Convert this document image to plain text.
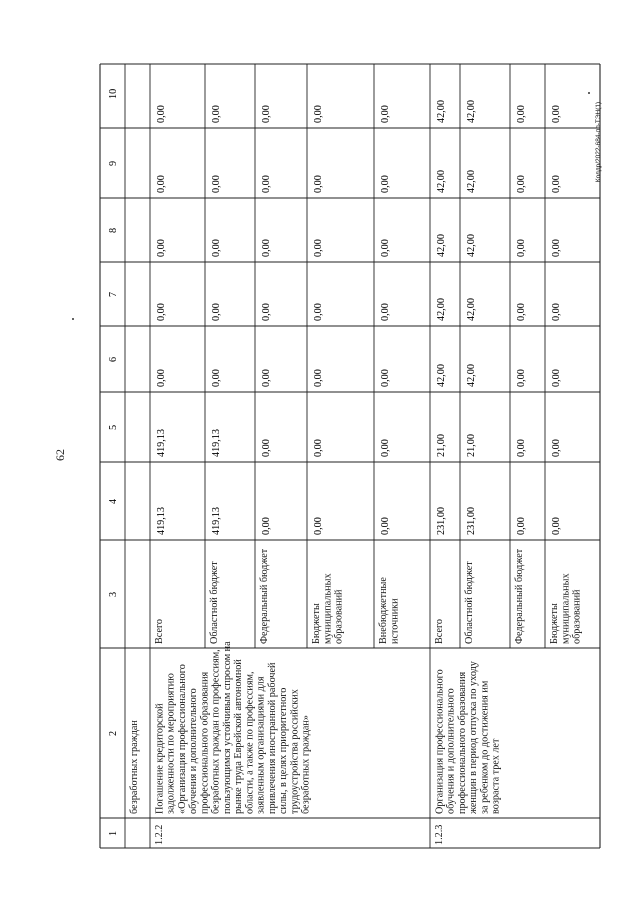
62
Колдр/2022-684-пп-ТЭН(1)
1
2
3
4
5
6
7
8
9
10
безработных граждан
1.2.2
Погашение кредиторскойзадолженности по мероприятию«Организация профессиональногообучения и дополнительногопрофессионального образованиябезработных граждан по профессиям,пользующимся устойчивым спросом нарынке труда Еврейской автономнойобласти, а также по профессиям,заявленным организациями дляпривлечения иностранной рабочейсилы, в целях приоритетноготрудоустройства российскихбезработных граждан»
Всего
419,13
419,13
0,00
0,00
0,00
0,00
0,00
Областной бюджет
419,13
419,13
0,00
0,00
0,00
0,00
0,00
Федеральный бюджет
0,00
0,00
0,00
0,00
0,00
0,00
0,00
Бюджетымуниципальныхобразований
0,00
0,00
0,00
0,00
0,00
0,00
0,00
Внебюджетныеисточники
0,00
0,00
0,00
0,00
0,00
0,00
0,00
1.2.3
Организация профессиональногообучения и дополнительногопрофессионального образованияженщин в период отпуска по уходуза ребенком до достижения имвозраста трех лет
Всего
231,00
21,00
42,00
42,00
42,00
42,00
42,00
Областной бюджет
231,00
21,00
42,00
42,00
42,00
42,00
42,00
Федеральный бюджет
0,00
0,00
0,00
0,00
0,00
0,00
0,00
Бюджетымуниципальныхобразований
0,00
0,00
0,00
0,00
0,00
0,00
0,00
